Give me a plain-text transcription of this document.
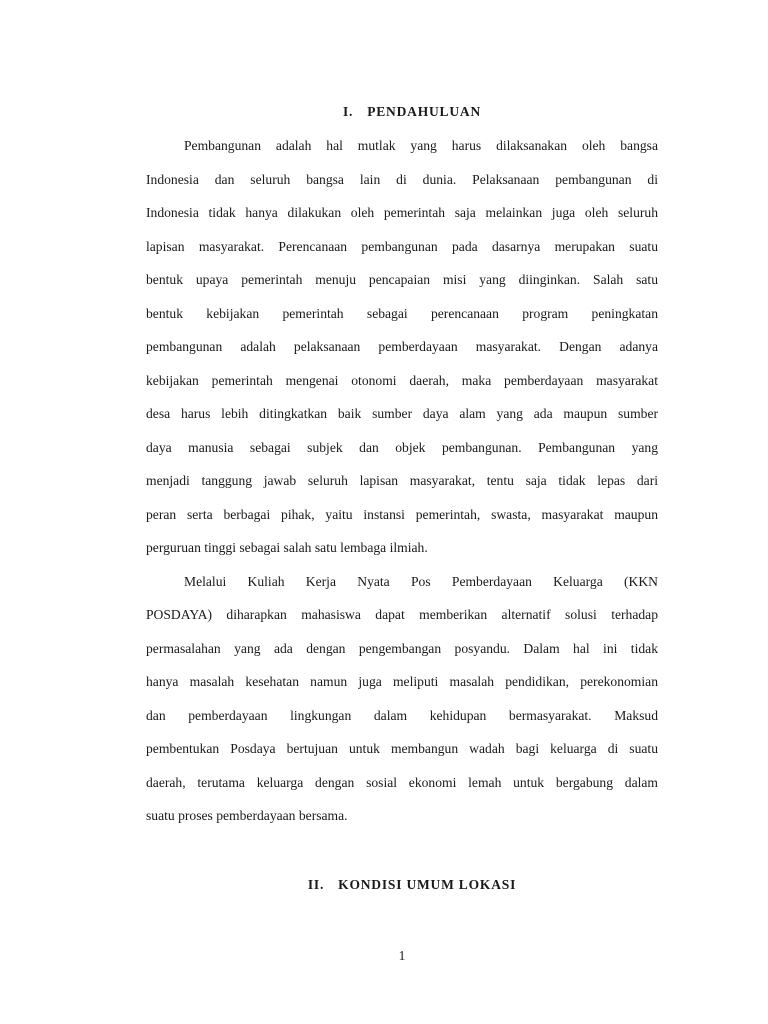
I. PENDAHULUAN
Pembangunan adalah hal mutlak yang harus dilaksanakan oleh bangsa
Indonesia dan seluruh bangsa lain di dunia. Pelaksanaan pembangunan di
Indonesia tidak hanya dilakukan oleh pemerintah saja melainkan juga oleh seluruh
lapisan masyarakat. Perencanaan pembangunan pada dasarnya merupakan suatu
bentuk upaya pemerintah menuju pencapaian misi yang diinginkan. Salah satu
bentuk kebijakan pemerintah sebagai perencanaan program peningkatan
pembangunan adalah pelaksanaan pemberdayaan masyarakat. Dengan adanya
kebijakan pemerintah mengenai otonomi daerah, maka pemberdayaan masyarakat
desa harus lebih ditingkatkan baik sumber daya alam yang ada maupun sumber
daya manusia sebagai subjek dan objek pembangunan. Pembangunan yang
menjadi tanggung jawab seluruh lapisan masyarakat, tentu saja tidak lepas dari
peran serta berbagai pihak, yaitu instansi pemerintah, swasta, masyarakat maupun
perguruan tinggi sebagai salah satu lembaga ilmiah.
Melalui Kuliah Kerja Nyata Pos Pemberdayaan Keluarga (KKN
POSDAYA) diharapkan mahasiswa dapat memberikan alternatif solusi terhadap
permasalahan yang ada dengan pengembangan posyandu. Dalam hal ini tidak
hanya masalah kesehatan namun juga meliputi masalah pendidikan, perekonomian
dan pemberdayaan lingkungan dalam kehidupan bermasyarakat. Maksud
pembentukan Posdaya bertujuan untuk membangun wadah bagi keluarga di suatu
daerah, terutama keluarga dengan sosial ekonomi lemah untuk bergabung dalam
suatu proses pemberdayaan bersama.
II. KONDISI UMUM LOKASI
1
